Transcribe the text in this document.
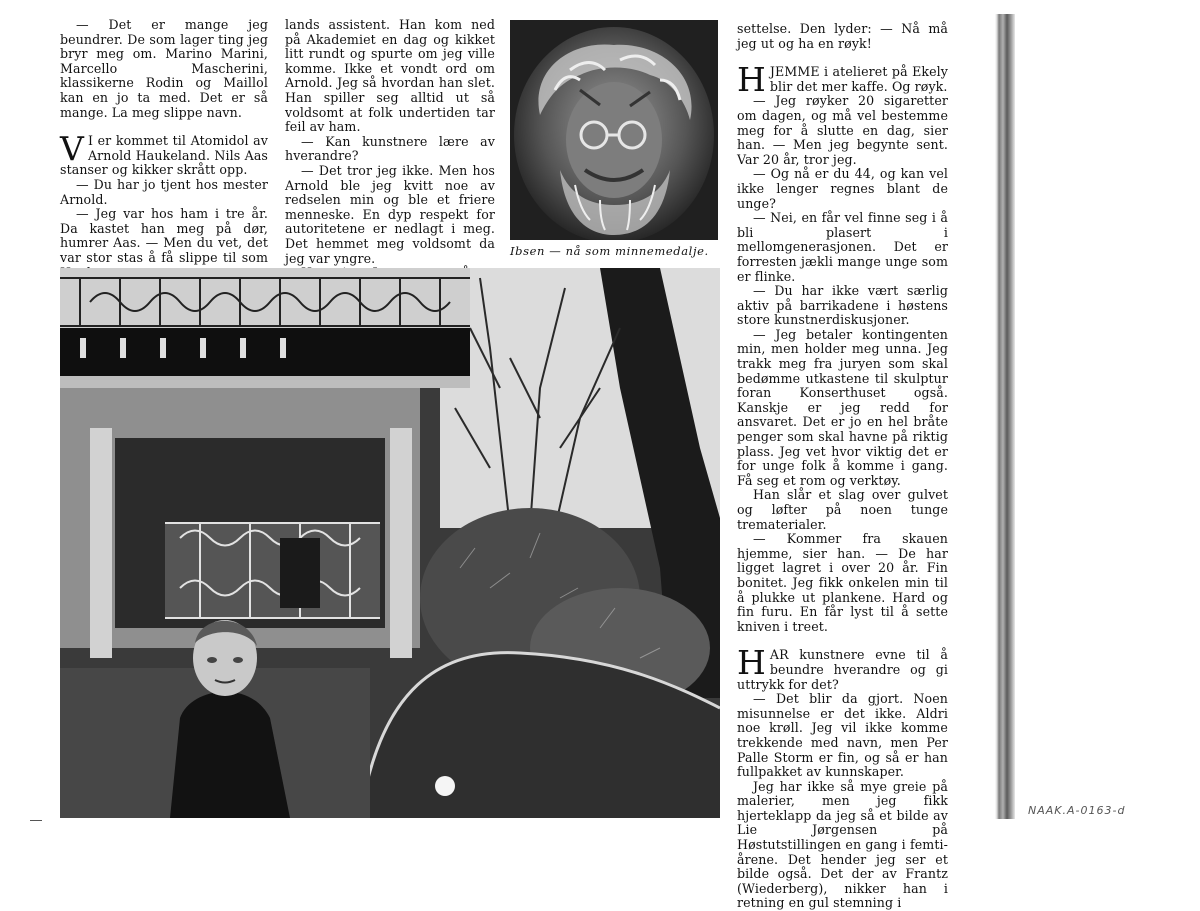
— Det er mange jeg beundrer. De som lager ting jeg bryr meg om. Marino Marini, Marcello Mascherini, klassikerne Rodin og Maillol kan en jo ta med. Det er så mange. La meg slippe navn.

V I er kommet til Atomidol av Arnold Haukeland. Nils Aas stanser og kikker skrått opp.

— Du har jo tjent hos mester Arnold.

— Jeg var hos ham i tre år. Da kastet han meg på dør, humrer Aas. — Men du vet, det var stor stas å få slippe til som

lands assistent. Han kom ned på Akademiet en dag og kikket litt rundt og spurte om jeg ville komme. Ikke et vondt ord om Arnold. Jeg så hvordan han slet. Han spiller seg alltid ut så voldsomt at folk undertiden tar feil av ham.

— Kan kunstnere lære av hverandre?

— Det tror jeg ikke. Men hos Arnold ble jeg kvitt noe av redselen min og ble et friere menneske. En dyp respekt for autoritetene er nedlagt i meg. Det hemmet meg voldsomt da jeg var yngre.	Ibsen — nå som minnemedalje.

settelse. Den lyder: — Nå må jeg ut og ha en røyk!

HJEMME i atelieret på Ekely blir det mer kaffe. Og røyk.

— Jeg røyker 20 sigaretter om dagen, og må vel bestemme meg for å slutte en dag, sier han. — Men jeg begynte sent. Var 20 år, tror jeg.

— Og nå er du 44, og kan vel ikke lenger regnes blant de unge?

— Nei, en får vel finne seg i å bli plasert i mellomgenerasjonen. Det er forresten jækli mange unge som er flinke.

— Du har ikke vært særlig aktiv på barrikadene i høstens store kunstnerdiskusjoner.

— Jeg betaler kontingenten min, men holder meg unna. Jeg trakk meg fra juryen som skal bedømme utkastene til skulptur foran Konserthuset også. Kanskje er jeg redd for ansvaret. Det er jo en hel bråte penger som skal havne på riktig plass. Jeg vet hvor viktig det er for unge folk å komme i gang. Få seg et rom og verktøy.

Han slår et slag over gulvet og løfter på noen tunge trematerialer.

— Kommer fra skauen hjemme, sier han. — De har ligget lagret i over 20 år. Fin bonitet. Jeg fikk onkelen min til å plukke ut plankene. Hard og fin furu. En får lyst til å sette kniven i treet.

HAR kunstnere evne til å beundre hverandre og gi uttrykk for det?

— Det blir da gjort. Noen misunnelse er det ikke. Aldri noe krøll. Jeg vil ikke komme trekkende med navn, men Per Palle Storm er fin, og så er han fullpakket av kunnskaper.

Jeg har ikke så mye greie på malerier, men jeg fikk hjerteklapp da jeg så et bilde av Lie Jørgensen på Høstutstillingen en gang i femti-årene. Det hender jeg ser et bilde også. Det der av Frantz (Wiederberg), nikker han i retning en gul stemning i

NAAK.A-0163-d
